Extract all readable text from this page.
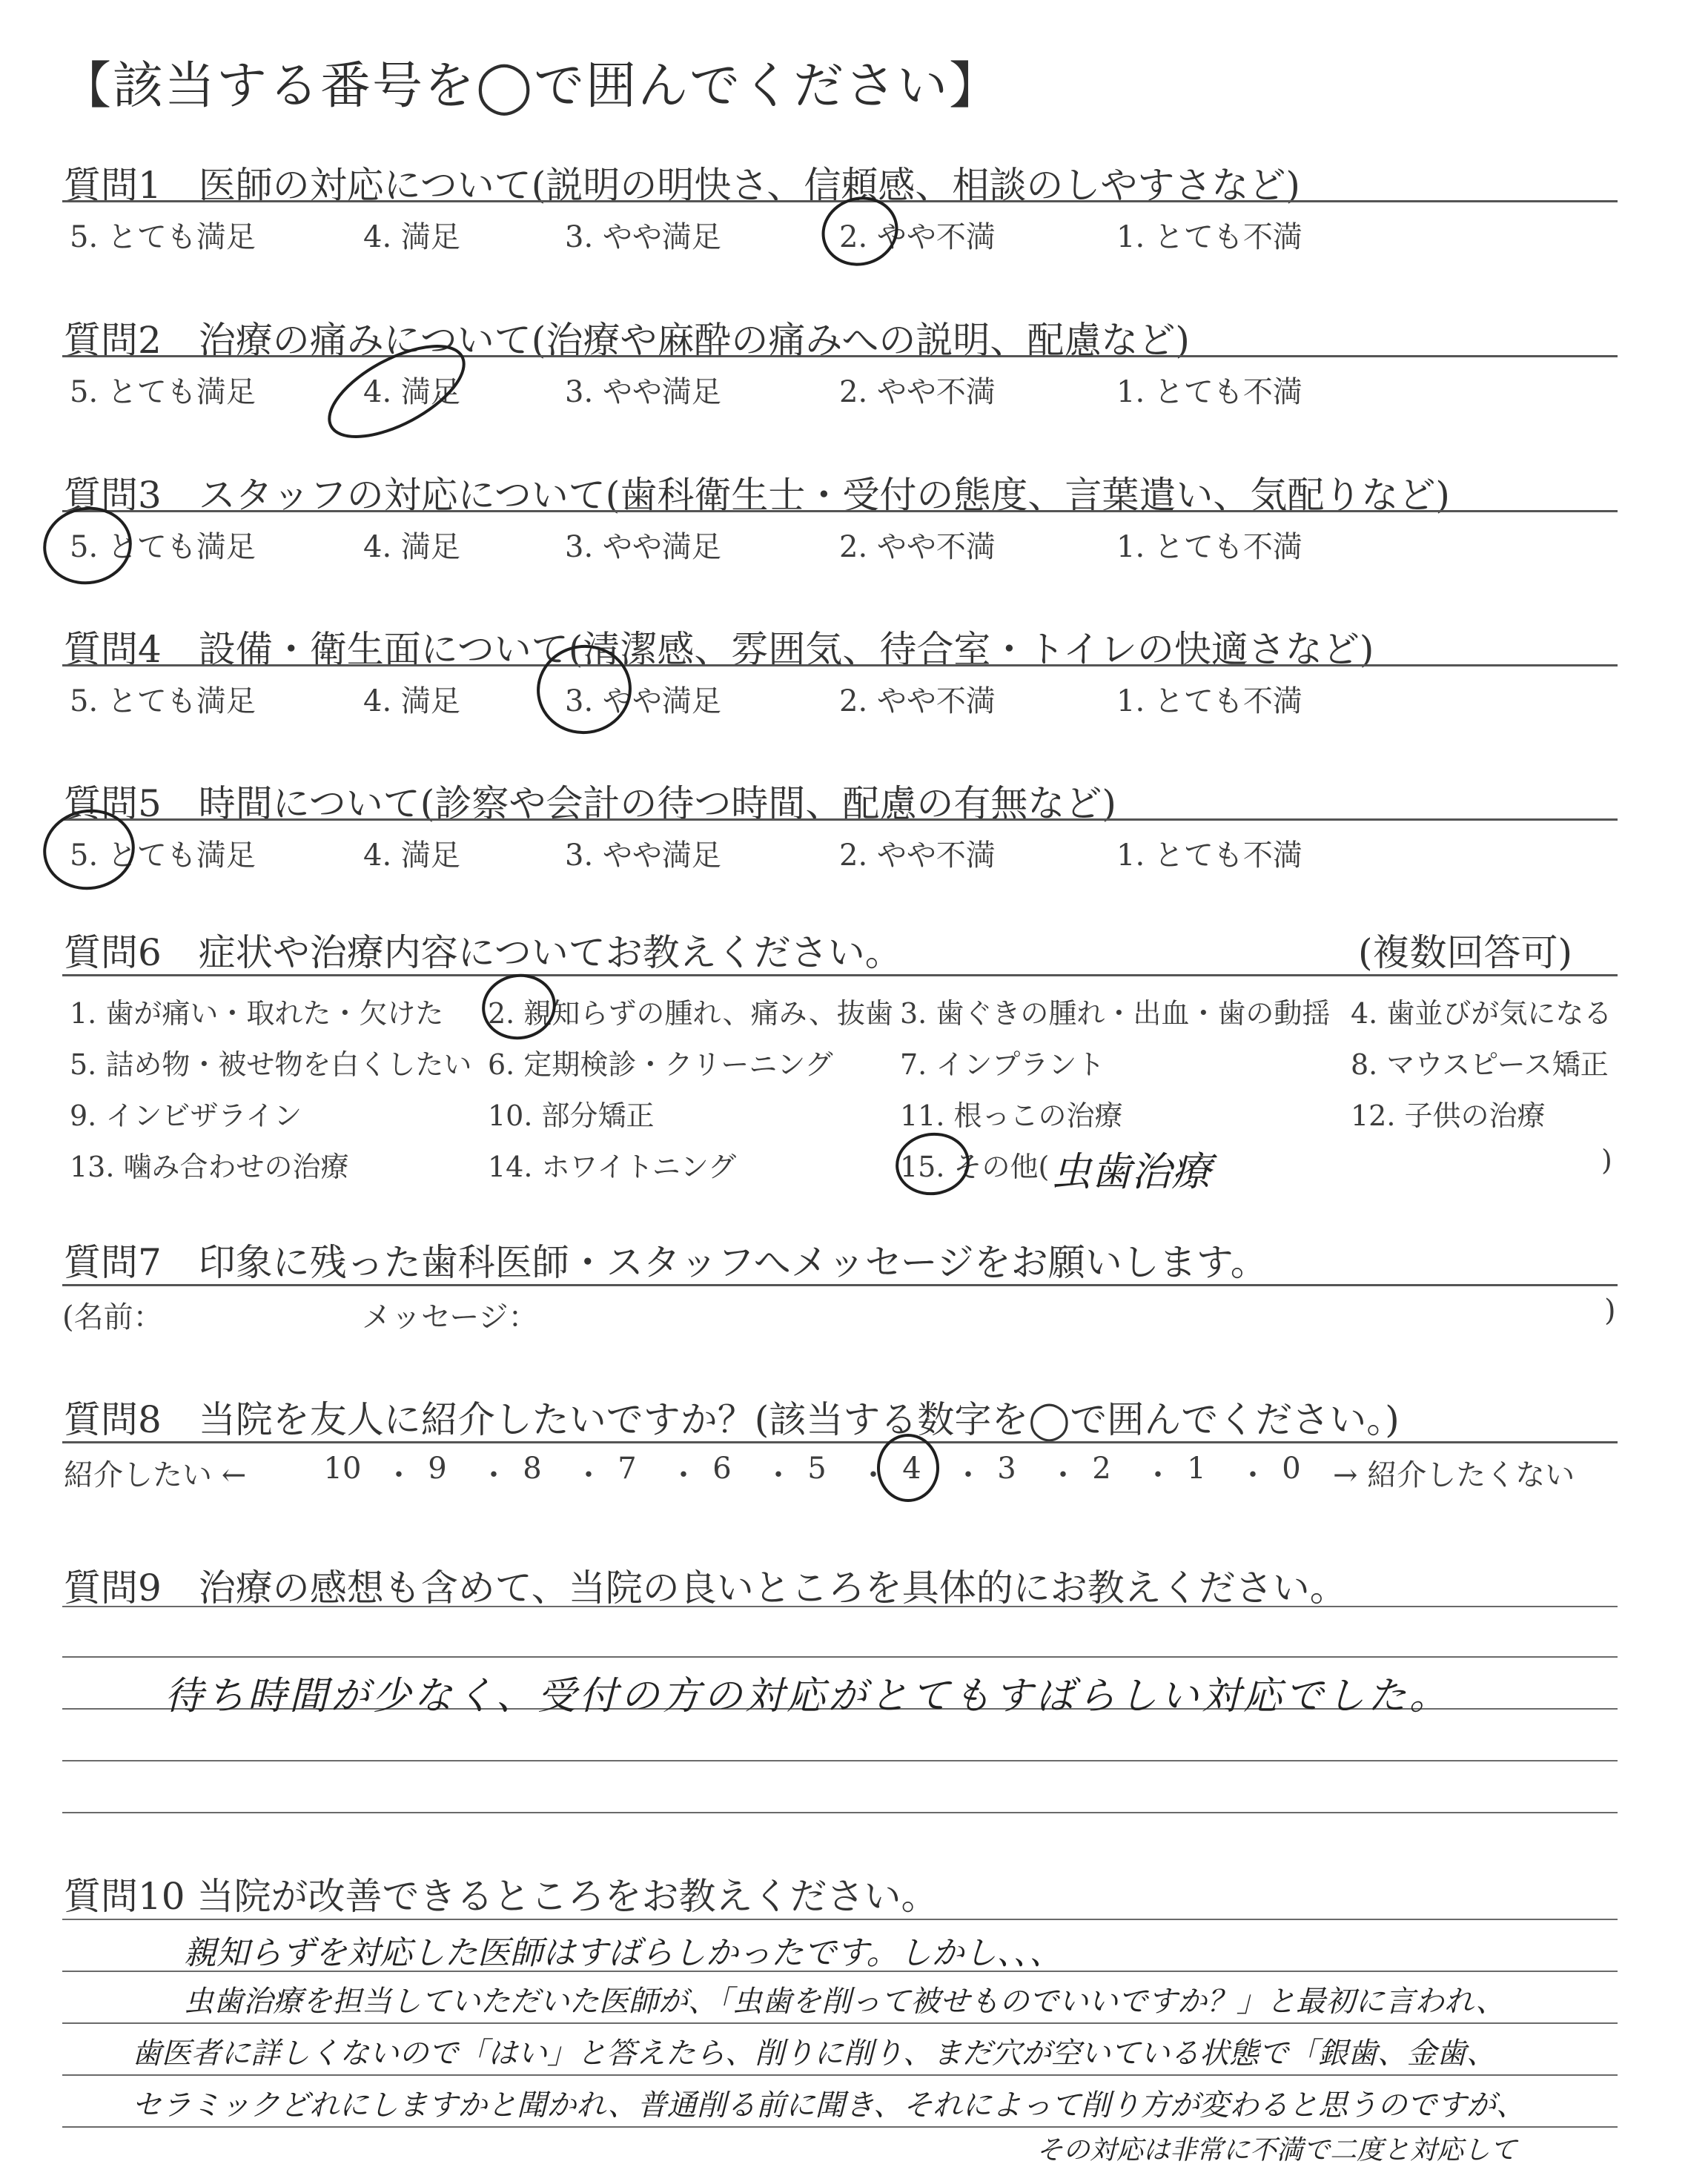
【該当する番号を◯で囲んでください】
質問1　医師の対応について(説明の明快さ、信頼感、相談のしやすさなど)
5. とても満足	4. 満足	3. やや満足	2. やや不満	1. とても不満
質問2　治療の痛みについて(治療や麻酔の痛みへの説明、配慮など)
5. とても満足	4. 満足	3. やや満足	2. やや不満	1. とても不満
質問3　スタッフの対応について(歯科衛生士・受付の態度、言葉遣い、気配りなど)
5. とても満足	4. 満足	3. やや満足	2. やや不満	1. とても不満
質問4　設備・衛生面について(清潔感、雰囲気、待合室・トイレの快適さなど)
5. とても満足	4. 満足	3. やや満足	2. やや不満	1. とても不満
質問5　時間について(診察や会計の待つ時間、配慮の有無など)
5. とても満足	4. 満足	3. やや満足	2. やや不満	1. とても不満
質問6　症状や治療内容についてお教えください。	(複数回答可)
1. 歯が痛い・取れた・欠けた 2. 親知らずの腫れ、痛み、抜歯 3. 歯ぐきの腫れ・出血・歯の動揺 4. 歯並びが気になる
5. 詰め物・被せ物を白くしたい 6. 定期検診・クリーニング 7. インプラント	8. マウスピース矯正
9. インビザライン	10. 部分矯正	11. 根っこの治療	12. 子供の治療
13. 噛み合わせの治療	14. ホワイトニング	15. その他(	)
虫歯治療
質問7　印象に残った歯科医師・スタッフへメッセージをお願いします。
(名前：	メッセージ：	)
質問8　当院を友人に紹介したいですか？(該当する数字を◯で囲んでください。)
紹介したい ←	10 ・ 9	・ 8	・ 7	・ 6	・ 5	・ 4	・ 3	・ 2	・ 1	・ 0	→ 紹介したくない
質問9　治療の感想も含めて、当院の良いところを具体的にお教えください。
待ち時間が少なく、受付の方の対応がとてもすばらしい対応でした。
質問10 当院が改善できるところをお教えください。
親知らずを対応した医師はすばらしかったです。しかし、、、
虫歯治療を担当していただいた医師が、「虫歯を削って被せものでいいですか？」と最初に言われ、
歯医者に詳しくないので「はい」と答えたら、削りに削り、まだ穴が空いている状態で「銀歯、金歯、
セラミックどれにしますかと聞かれ、普通削る前に聞き、それによって削り方が変わると思うのですが、
その対応は非常に不満で二度と対応して
